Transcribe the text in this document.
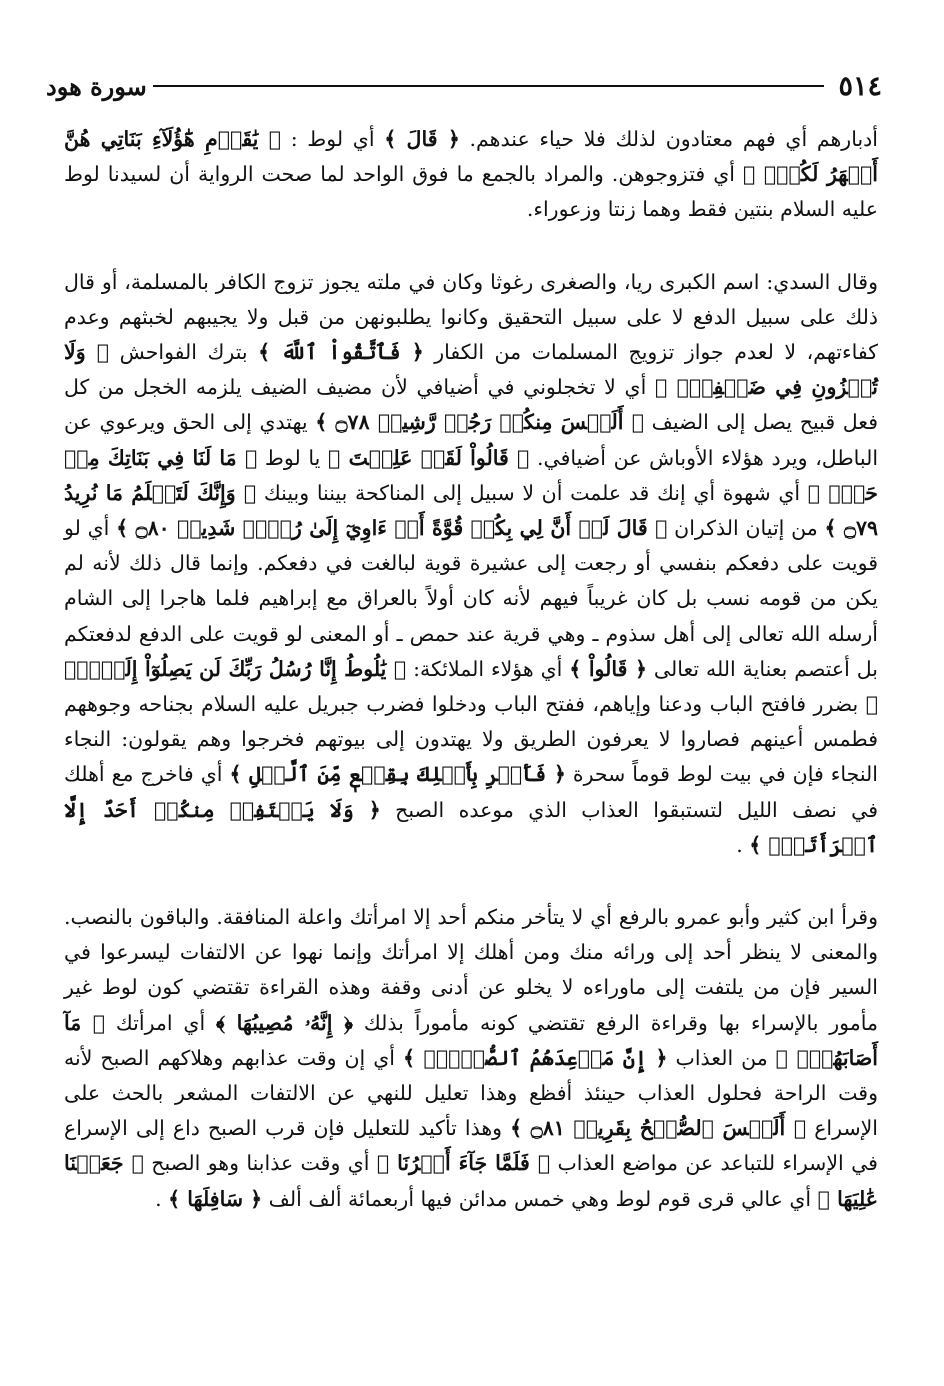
٥١٤
سورة هود

أدبارهم أي فهم معتادون لذلك فلا حياء عندهم. ﴿ قَالَ ﴾ أي لوط : ﴿ يَٰقَوۡمِ هَٰٓؤُلَآءِ بَنَاتِي هُنَّ أَطۡهَرُ لَكُمۡۖ ﴾ أي فتزوجوهن. والمراد بالجمع ما فوق الواحد لما صحت الرواية أن لسيدنا لوط عليه السلام بنتين فقط وهما زنتا وزعوراء.

وقال السدي: اسم الكبرى ريا، والصغرى رغوثا وكان في ملته يجوز تزوج الكافر بالمسلمة، أو قال ذلك على سبيل الدفع لا على سبيل التحقيق وكانوا يطلبونهن من قبل ولا يجيبهم لخبثهم وعدم كفاءتهم، لا لعدم جواز تزويج المسلمات من الكفار ﴿ فَٱتَّقُواْ ٱللَّهَ ﴾ بترك الفواحش ﴿ وَلَا تُخۡزُونِ فِي ضَيۡفِيٓۖ ﴾ أي لا تخجلوني في أضيافي لأن مضيف الضيف يلزمه الخجل من كل فعل قبيح يصل إلى الضيف ﴿ أَلَيۡسَ مِنكُمۡ رَجُلٞ رَّشِيدٞ ۝٧٨ ﴾ يهتدي إلى الحق ويرعوي عن الباطل، ويرد هؤلاء الأوباش عن أضيافي. ﴿ قَالُواْ لَقَدۡ عَلِمۡتَ ﴾ يا لوط ﴿ مَا لَنَا فِي بَنَاتِكَ مِنۡ حَقّٖ ﴾ أي شهوة أي إنك قد علمت أن لا سبيل إلى المناكحة بيننا وبينك ﴿ وَإِنَّكَ لَتَعۡلَمُ مَا نُرِيدُ ۝٧٩ ﴾ من إتيان الذكران ﴿ قَالَ لَوۡ أَنَّ لِي بِكُمۡ قُوَّةً أَوۡ ءَاوِيٓ إِلَىٰ رُكۡنٖ شَدِيدٖ ۝٨٠ ﴾ أي لو قويت على دفعكم بنفسي أو رجعت إلى عشيرة قوية لبالغت في دفعكم. وإنما قال ذلك لأنه لم يكن من قومه نسب بل كان غريباً فيهم لأنه كان أولاً بالعراق مع إبراهيم فلما هاجرا إلى الشام أرسله الله تعالى إلى أهل سذوم ـ وهي قرية عند حمص ـ أو المعنى لو قويت على الدفع لدفعتكم بل أعتصم بعناية الله تعالى ﴿ قَالُواْ ﴾ أي هؤلاء الملائكة: ﴿ يَٰلُوطُ إِنَّا رُسُلُ رَبِّكَ لَن يَصِلُوٓاْ إِلَيۡكَۖ ﴾ بضرر فافتح الباب ودعنا وإياهم، ففتح الباب ودخلوا فضرب جبريل عليه السلام بجناحه وجوههم فطمس أعينهم فصاروا لا يعرفون الطريق ولا يهتدون إلى بيوتهم فخرجوا وهم يقولون: النجاء النجاء فإن في بيت لوط قوماً سحرة ﴿ فَأَسۡرِ بِأَهۡلِكَ بِقِطۡعٖ مِّنَ ٱلَّيۡلِ ﴾ أي فاخرج مع أهلك في نصف الليل لتستبقوا العذاب الذي موعده الصبح ﴿ وَلَا يَلۡتَفِتۡ مِنكُمۡ أَحَدٌ إِلَّا ٱمۡرَأَتَكَۖ ﴾ .

وقرأ ابن كثير وأبو عمرو بالرفع أي لا يتأخر منكم أحد إلا امرأتك واعلة المنافقة. والباقون بالنصب. والمعنى لا ينظر أحد إلى ورائه منك ومن أهلك إلا امرأتك وإنما نهوا عن الالتفات ليسرعوا في السير فإن من يلتفت إلى ماوراءه لا يخلو عن أدنى وقفة وهذه القراءة تقتضي كون لوط غير مأمور بالإسراء بها وقراءة الرفع تقتضي كونه مأموراً بذلك ﴿ إِنَّهُۥ مُصِيبُهَا ﴾ أي امرأتك ﴿ مَآ أَصَابَهُمۡۚ ﴾ من العذاب ﴿ إِنَّ مَوۡعِدَهُمُ ٱلصُّبۡحُۚ ﴾ أي إن وقت عذابهم وهلاكهم الصبح لأنه وقت الراحة فحلول العذاب حينئذ أفظع وهذا تعليل للنهي عن الالتفات المشعر بالحث على الإسراع ﴿ أَلَيۡسَ ٱلصُّبۡحُ بِقَرِيبٖ ۝٨١ ﴾ وهذا تأكيد للتعليل فإن قرب الصبح داع إلى الإسراع في الإسراء للتباعد عن مواضع العذاب ﴿ فَلَمَّا جَآءَ أَمۡرُنَا ﴾ أي وقت عذابنا وهو الصبح ﴿ جَعَلۡنَا عَٰلِيَهَا ﴾ أي عالي قرى قوم لوط وهي خمس مدائن فيها أربعمائة ألف ألف ﴿ سَافِلَهَا ﴾ .
